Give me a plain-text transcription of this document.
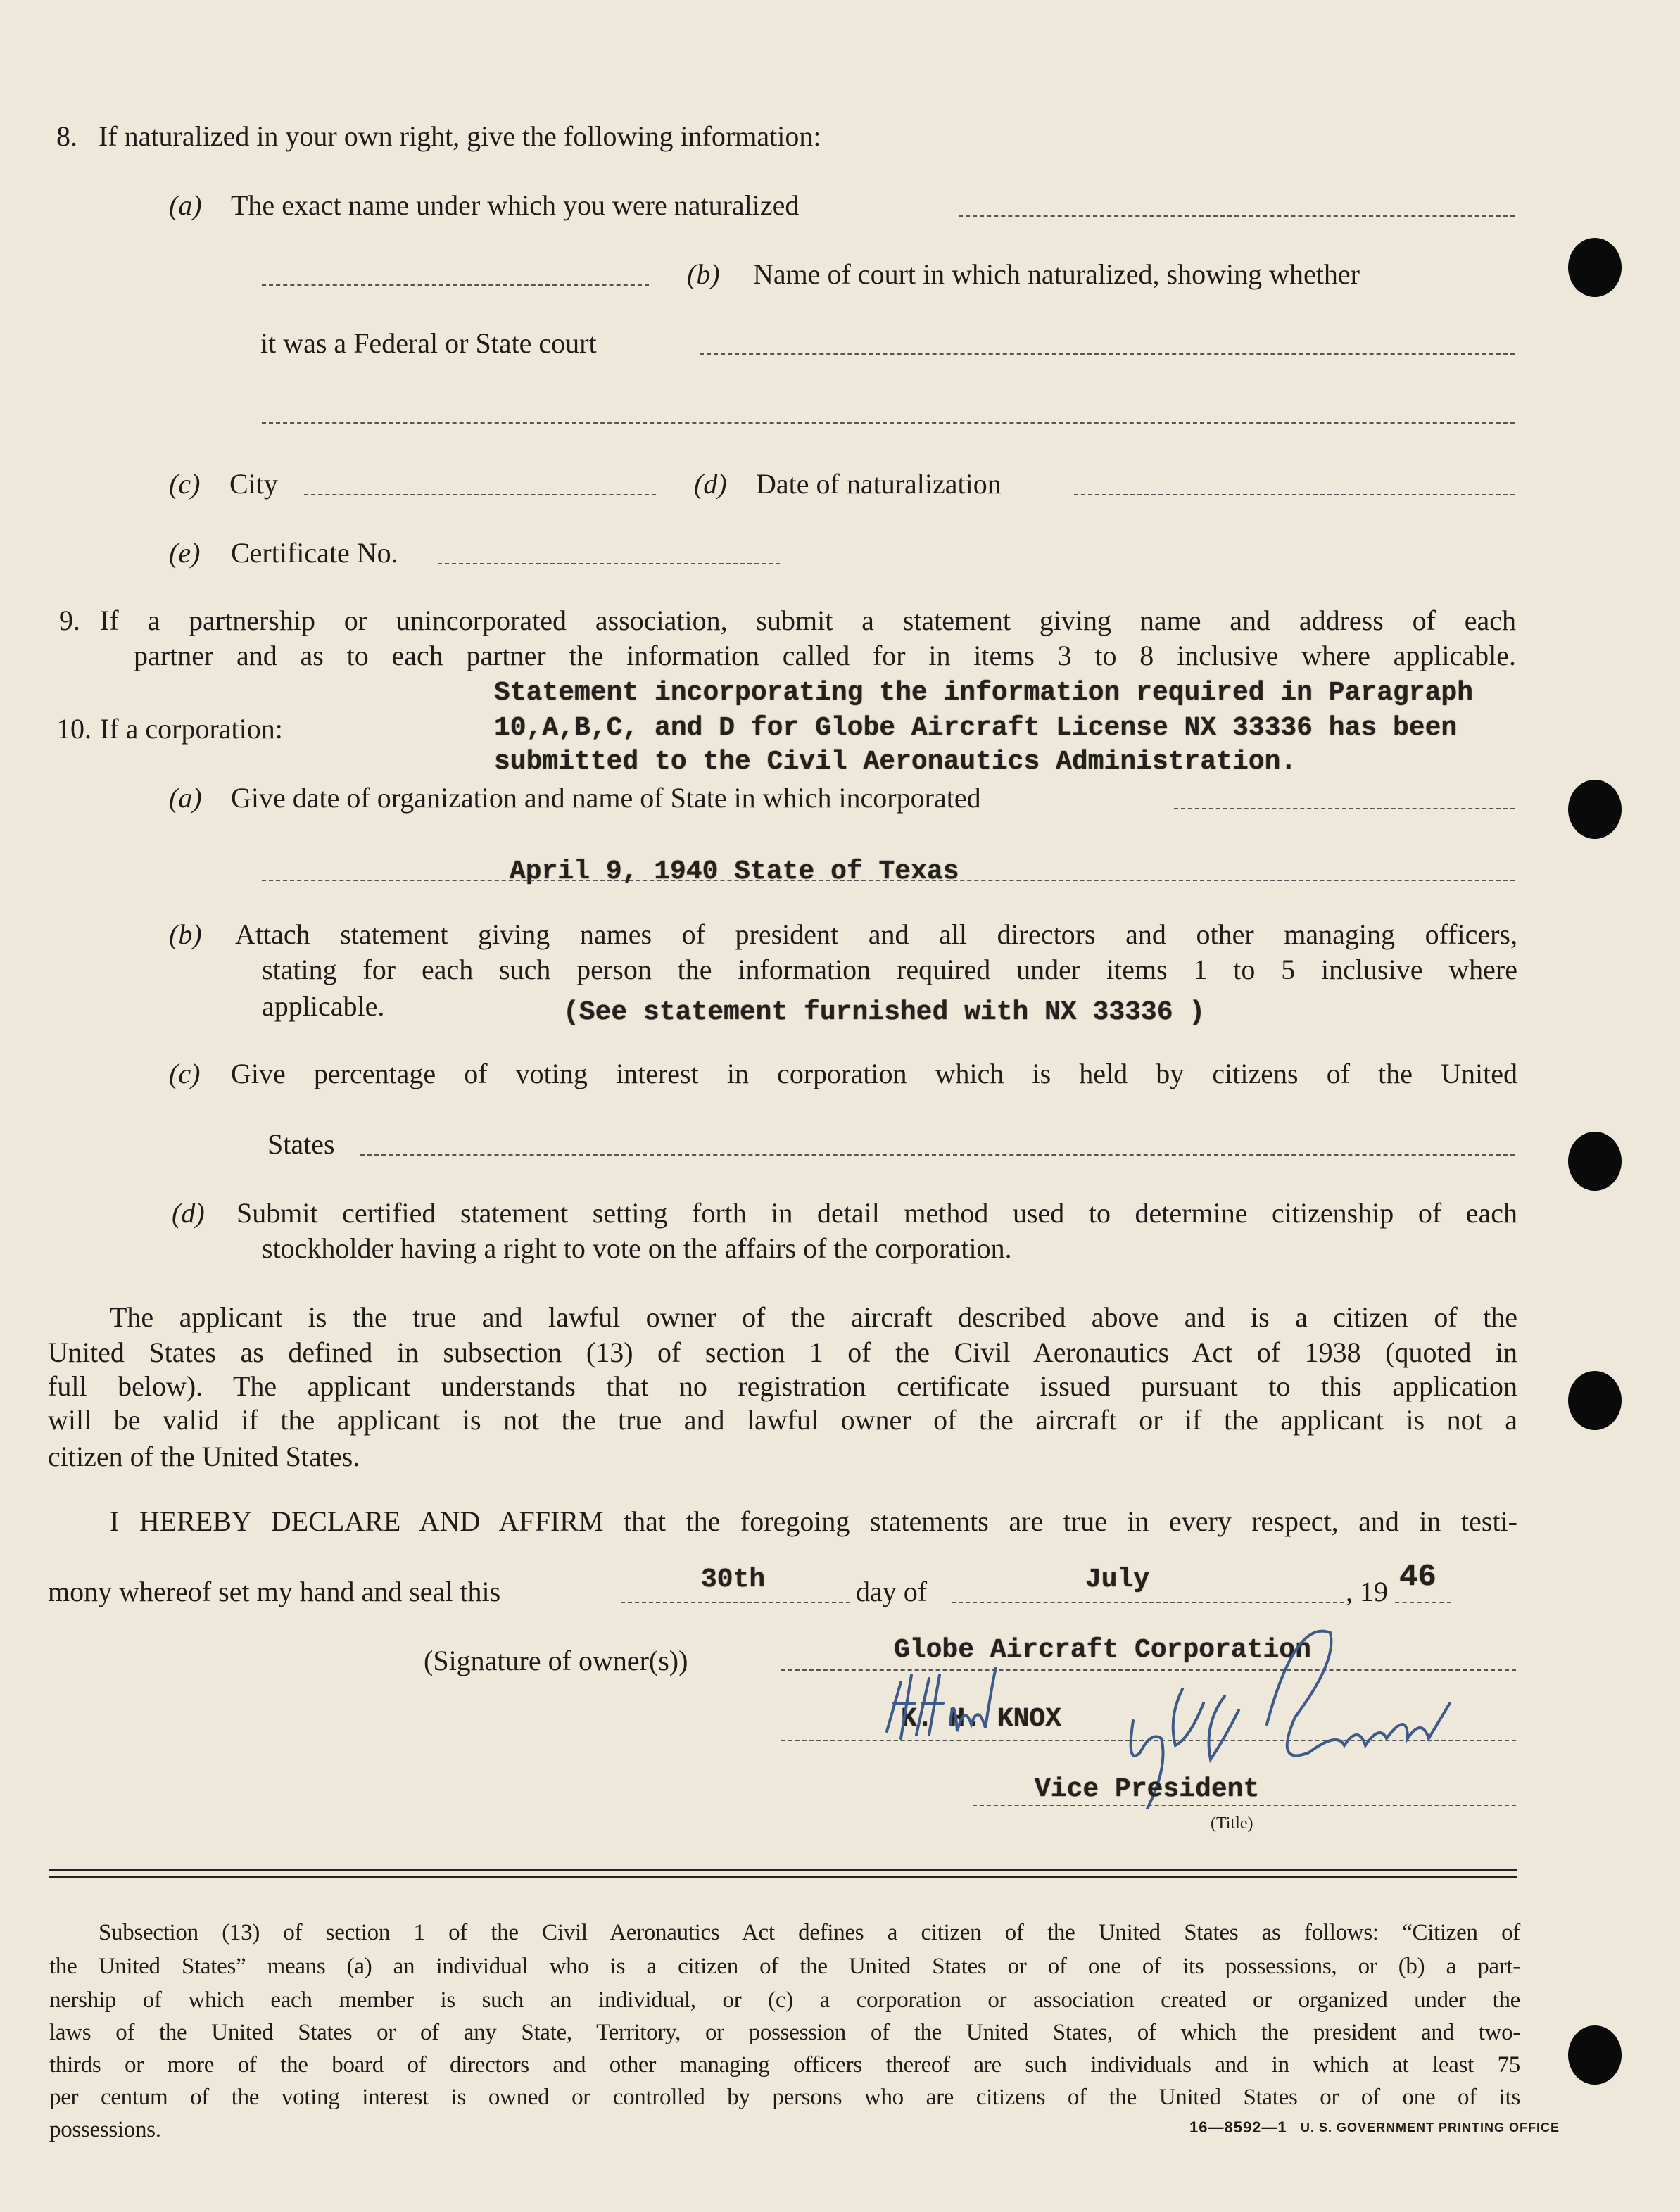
8. If naturalized in your own right, give the following information:
(a) The exact name under which you were naturalized
(b) Name of court in which naturalized, showing whether
it was a Federal or State court
(c) City	(d) Date of naturalization
(e) Certificate No.
9. If a partnership or unincorporated association, submit a statement giving name and address of each
partner and as to each partner the information called for in items 3 to 8 inclusive where applicable.
10. If a corporation:
Statement incorporating the information required in Paragraph
10,A,B,C, and D for Globe Aircraft License NX 33336 has been
submitted to the Civil Aeronautics Administration.
(a) Give date of organization and name of State in which incorporated
April 9, 1940 State of Texas
(b) Attach statement giving names of president and all directors and other managing officers,
stating for each such person the information required under items 1 to 5 inclusive where
applicable.	(See statement furnished with NX 33336 )
(c) Give percentage of voting interest in corporation which is held by citizens of the United
States
(d) Submit certified statement setting forth in detail method used to determine citizenship of each
stockholder having a right to vote on the affairs of the corporation.
The applicant is the true and lawful owner of the aircraft described above and is a citizen of the
United States as defined in subsection (13) of section 1 of the Civil Aeronautics Act of 1938 (quoted in
full below). The applicant understands that no registration certificate issued pursuant to this application
will be valid if the applicant is not the true and lawful owner of the aircraft or if the applicant is not a
citizen of the United States.
I HEREBY DECLARE AND AFFIRM that the foregoing statements are true in every respect, and in testi-
mony whereof set my hand and seal this	30th	day of	July	, 19 46
(Signature of owner(s))	Globe Aircraft Corporation
K. H. KNOX
Vice President
(Title)
Subsection (13) of section 1 of the Civil Aeronautics Act defines a citizen of the United States as follows: “Citizen of
the United States” means (a) an individual who is a citizen of the United States or of one of its possessions, or (b) a part-
nership of which each member is such an individual, or (c) a corporation or association created or organized under the
laws of the United States or of any State, Territory, or possession of the United States, of which the president and two-
thirds or more of the board of directors and other managing officers thereof are such individuals and in which at least 75
per centum of the voting interest is owned or controlled by persons who are citizens of the United States or of one of its
possessions.	16—8592—1 U. S. GOVERNMENT PRINTING OFFICE
